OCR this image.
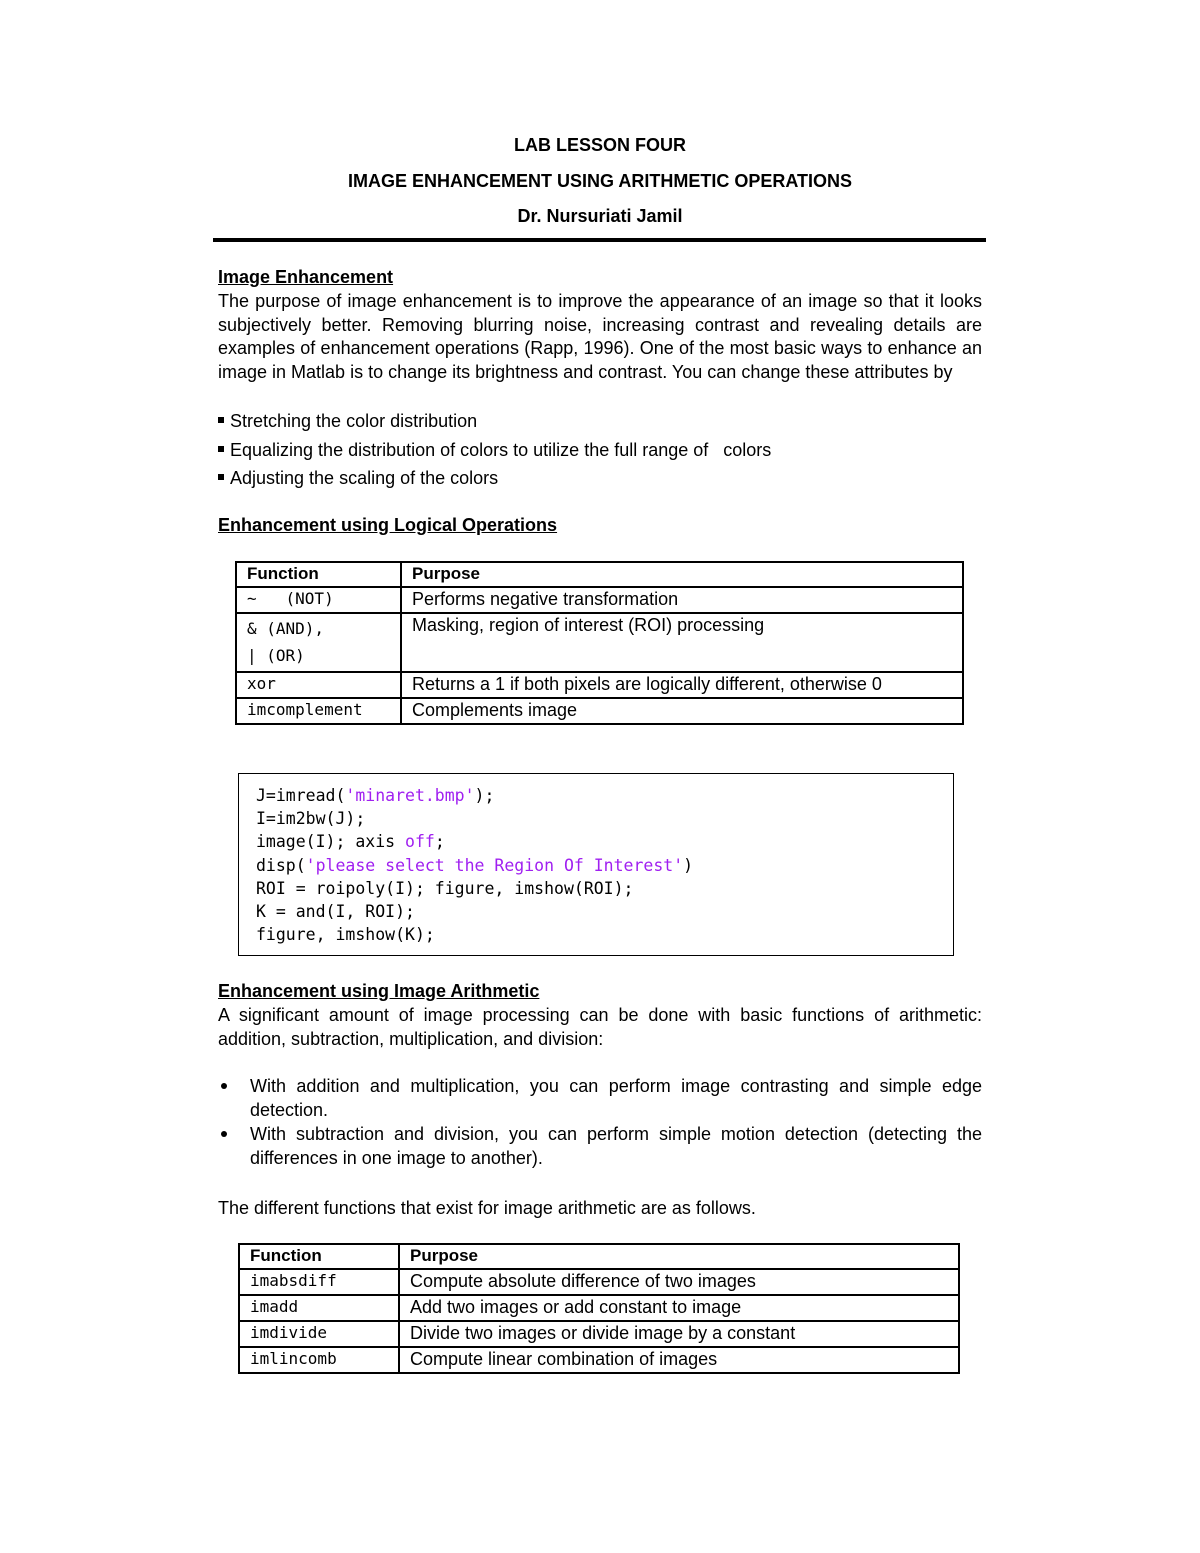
LAB LESSON FOUR
IMAGE ENHANCEMENT USING ARITHMETIC OPERATIONS
Dr. Nursuriati Jamil
Image Enhancement
The purpose of image enhancement is to improve the appearance of an image so that it looks subjectively better. Removing blurring noise, increasing contrast and revealing details are examples of enhancement operations (Rapp, 1996). One of the most basic ways to enhance an image in Matlab is to change its brightness and contrast. You can change these attributes by
Stretching the color distribution
Equalizing the distribution of colors to utilize the full range of   colors
Adjusting the scaling of the colors
Enhancement using Logical Operations
Function	Purpose
~   (NOT)	Performs negative transformation

& (AND),
| (OR)	Masking, region of interest (ROI) processing
xor	Returns a 1 if both pixels are logically different, otherwise 0
imcomplement	Complements image
J=imread('minaret.bmp');
I=im2bw(J);
image(I); axis off;
disp('please select the Region Of Interest')
ROI = roipoly(I); figure, imshow(ROI);
K = and(I, ROI);
figure, imshow(K);
Enhancement using Image Arithmetic
A significant amount of image processing can be done with basic functions of arithmetic: addition, subtraction, multiplication, and division:
With addition and multiplication, you can perform image contrasting and simple edge detection.
With subtraction and division, you can perform simple motion detection (detecting the differences in one image to another).
The different functions that exist for image arithmetic are as follows.
Function	Purpose
imabsdiff	Compute absolute difference of two images
imadd	Add two images or add constant to image
imdivide	Divide two images or divide image by a constant
imlincomb	Compute linear combination of images
